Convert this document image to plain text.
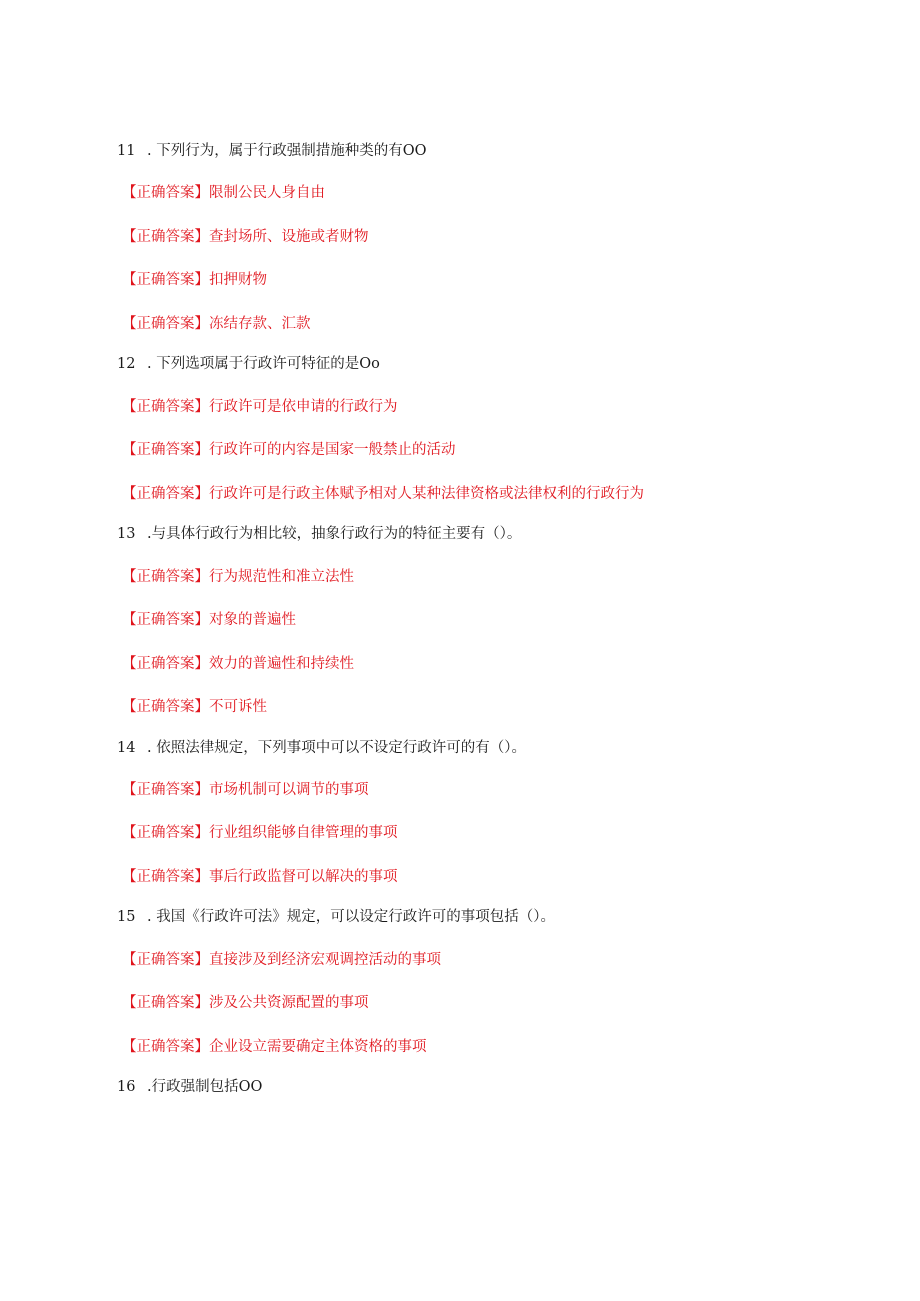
11 . 下列行为，属于行政强制措施种类的有OO
【正确答案】限制公民人身自由
【正确答案】查封场所、设施或者财物
【正确答案】扣押财物
【正确答案】冻结存款、汇款
12 . 下列选项属于行政许可特征的是Oo
【正确答案】行政许可是依申请的行政行为
【正确答案】行政许可的内容是国家一般禁止的活动
【正确答案】行政许可是行政主体赋予相对人某种法律资格或法律权利的行政行为
13 .与具体行政行为相比较，抽象行政行为的特征主要有（）。
【正确答案】行为规范性和准立法性
【正确答案】对象的普遍性
【正确答案】效力的普遍性和持续性
【正确答案】不可诉性
14 . 依照法律规定，下列事项中可以不设定行政许可的有（）。
【正确答案】市场机制可以调节的事项
【正确答案】行业组织能够自律管理的事项
【正确答案】事后行政监督可以解决的事项
15 . 我国《行政许可法》规定，可以设定行政许可的事项包括（）。
【正确答案】直接涉及到经济宏观调控活动的事项
【正确答案】涉及公共资源配置的事项
【正确答案】企业设立需要确定主体资格的事项
16 .行政强制包括OO
